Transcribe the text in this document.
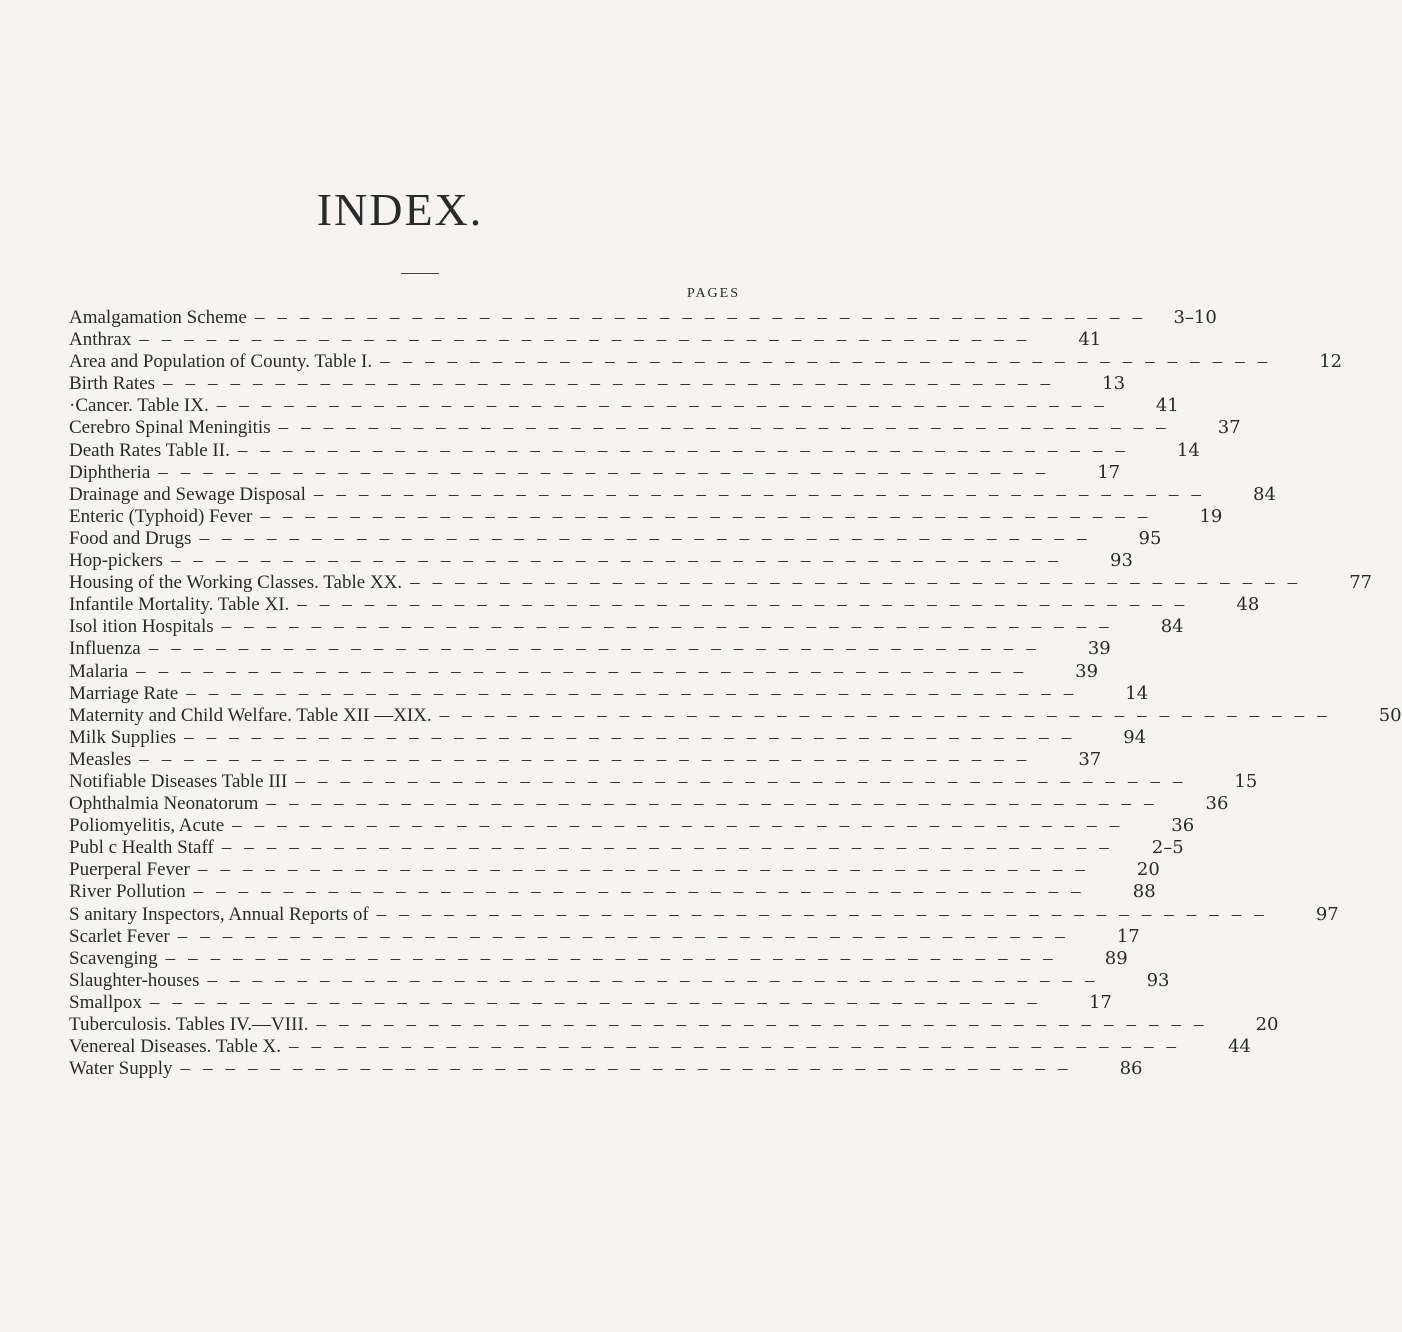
INDEX.
PAGES
Amalgamation Scheme ––––––––––––––––––––––––––––––––––––––––	3–10
Anthrax ––––––––––––––––––––––––––––––––––––––––	41
Area and Population of County. Table I. ––––––––––––––––––––––––––––––––––––––––	12
Birth Rates ––––––––––––––––––––––––––––––––––––––––	13
·Cancer. Table IX. ––––––––––––––––––––––––––––––––––––––––	41
Cerebro Spinal Meningitis ––––––––––––––––––––––––––––––––––––––––	37
Death Rates Table II. ––––––––––––––––––––––––––––––––––––––––	14
Diphtheria ––––––––––––––––––––––––––––––––––––––––	17
Drainage and Sewage Disposal ––––––––––––––––––––––––––––––––––––––––	84
Enteric (Typhoid) Fever ––––––––––––––––––––––––––––––––––––––––	19
Food and Drugs ––––––––––––––––––––––––––––––––––––––––	95
Hop-pickers ––––––––––––––––––––––––––––––––––––––––	93
Housing of the Working Classes. Table XX. ––––––––––––––––––––––––––––––––––––––––	77
Infantile Mortality. Table XI. ––––––––––––––––––––––––––––––––––––––––	48
Isol ition Hospitals ––––––––––––––––––––––––––––––––––––––––	84
Influenza ––––––––––––––––––––––––––––––––––––––––	39
Malaria ––––––––––––––––––––––––––––––––––––––––	39
Marriage Rate ––––––––––––––––––––––––––––––––––––––––	14
Maternity and Child Welfare. Table XII —XIX. ––––––––––––––––––––––––––––––––––––––––	50
Milk Supplies ––––––––––––––––––––––––––––––––––––––––	94
Measles ––––––––––––––––––––––––––––––––––––––––	37
Notifiable Diseases Table III ––––––––––––––––––––––––––––––––––––––––	15
Ophthalmia Neonatorum ––––––––––––––––––––––––––––––––––––––––	36
Poliomyelitis, Acute ––––––––––––––––––––––––––––––––––––––––	36
Publ c Health Staff ––––––––––––––––––––––––––––––––––––––––	2–5
Puerperal Fever ––––––––––––––––––––––––––––––––––––––––	20
River Pollution ––––––––––––––––––––––––––––––––––––––––	88
S anitary Inspectors, Annual Reports of ––––––––––––––––––––––––––––––––––––––––	97
Scarlet Fever ––––––––––––––––––––––––––––––––––––––––	17
Scavenging ––––––––––––––––––––––––––––––––––––––––	89
Slaughter-houses ––––––––––––––––––––––––––––––––––––––––	93
Smallpox ––––––––––––––––––––––––––––––––––––––––	17
Tuberculosis. Tables IV.—VIII. ––––––––––––––––––––––––––––––––––––––––	20
Venereal Diseases. Table X. ––––––––––––––––––––––––––––––––––––––––	44
Water Supply ––––––––––––––––––––––––––––––––––––––––	86
